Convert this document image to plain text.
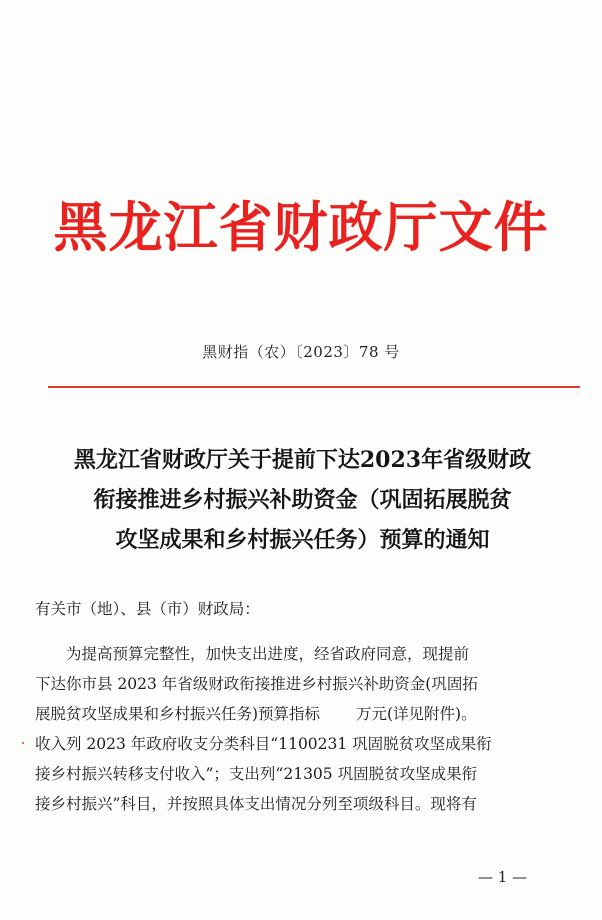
黑龙江省财政厅文件
黑财指（农）〔2023〕78 号
黑龙江省财政厅关于提前下达2023年省级财政
衔接推进乡村振兴补助资金（巩固拓展脱贫
攻坚成果和乡村振兴任务）预算的通知
有关市（地）、县（市）财政局：
为提高预算完整性，加快支出进度，经省政府同意，现提前
下达你市县 2023 年省级财政衔接推进乡村振兴补助资金(巩固拓
展脱贫攻坚成果和乡村振兴任务)预算指标　　 万元(详见附件)。
收入列 2023 年政府收支分类科目“1100231 巩固脱贫攻坚成果衔
接乡村振兴转移支付收入”；支出列“21305 巩固脱贫攻坚成果衔
接乡村振兴”科目，并按照具体支出情况分列至项级科目。现将有
— 1 —
